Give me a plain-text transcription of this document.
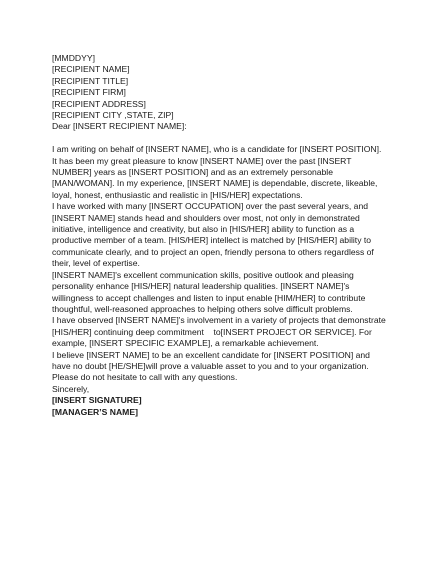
[MMDDYY]
[RECIPIENT NAME]
[RECIPIENT TITLE]
[RECIPIENT FIRM]
[RECIPIENT ADDRESS]
[RECIPIENT CITY ,STATE, ZIP]
Dear [INSERT RECIPIENT NAME]:
I am writing on behalf of [INSERT NAME], who is a candidate for [INSERT POSITION].
It has been my great pleasure to know [INSERT NAME] over the past [INSERT
NUMBER] years as [INSERT POSITION] and as an extremely personable
[MAN/WOMAN]. In my experience, [INSERT NAME] is dependable, discrete, likeable,
loyal, honest, enthusiastic and realistic in [HIS/HER] expectations.
I have worked with many [INSERT OCCUPATION] over the past several years, and
[INSERT NAME] stands head and shoulders over most, not only in demonstrated
initiative, intelligence and creativity, but also in [HIS/HER] ability to function as a
productive member of a team. [HIS/HER] intellect is matched by [HIS/HER] ability to
communicate clearly, and to project an open, friendly persona to others regardless of
their, level of expertise.
[INSERT NAME]'s excellent communication skills, positive outlook and pleasing
personality enhance [HIS/HER] natural leadership qualities. [INSERT NAME]'s
willingness to accept challenges and listen to input enable [HIM/HER] to contribute
thoughtful, well-reasoned approaches to helping others solve difficult problems.
I have observed [INSERT NAME]'s involvement in a variety of projects that demonstrate
[HIS/HER] continuing deep commitment    to[INSERT PROJECT OR SERVICE]. For
example, [INSERT SPECIFIC EXAMPLE], a remarkable achievement.
I believe [INSERT NAME] to be an excellent candidate for [INSERT POSITION] and
have no doubt [HE/SHE]will prove a valuable asset to you and to your organization.
Please do not hesitate to call with any questions.
Sincerely,
[INSERT SIGNATURE]
[MANAGER’S NAME]
